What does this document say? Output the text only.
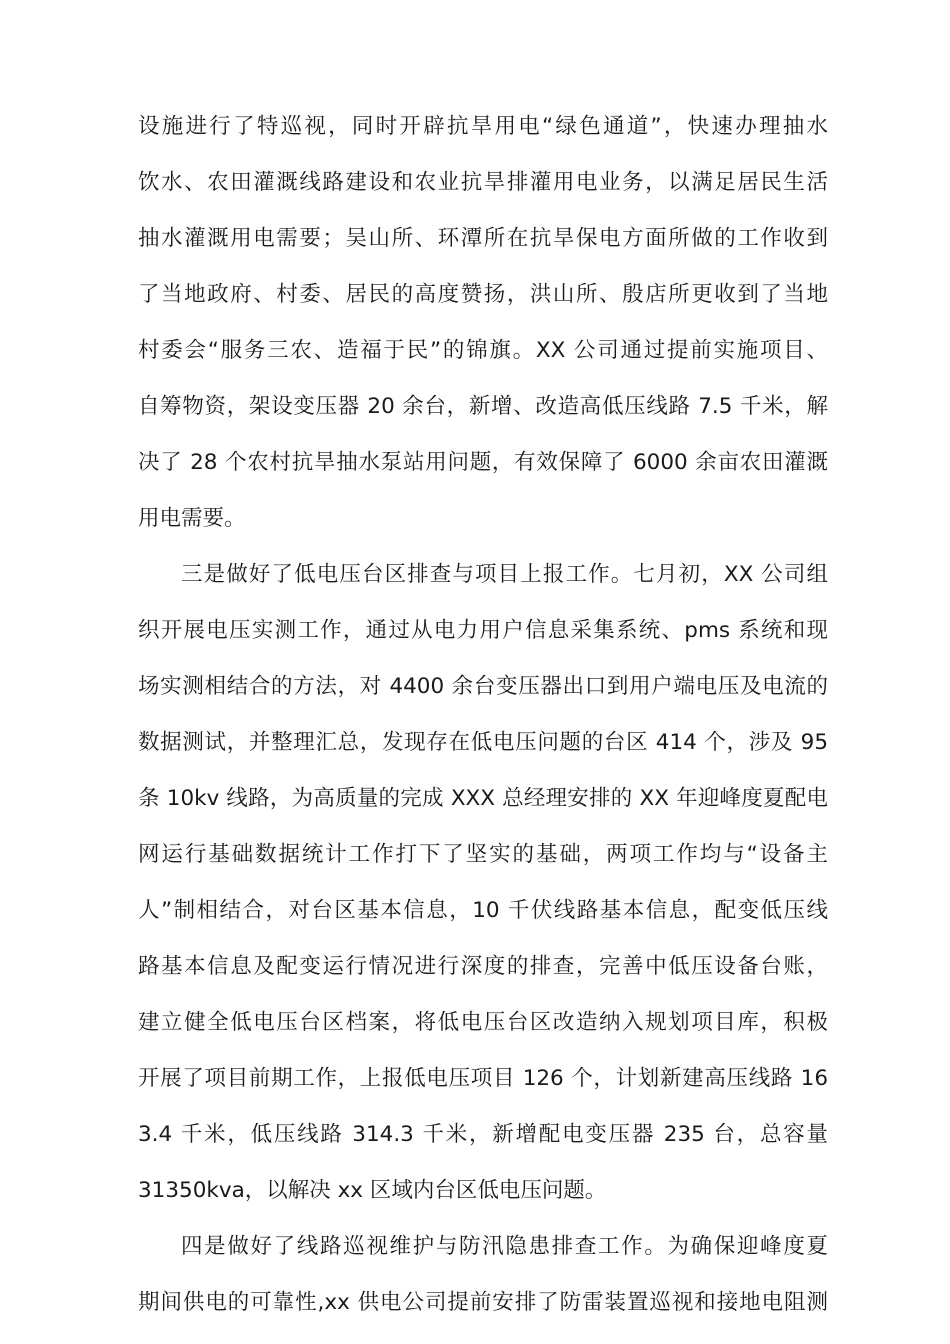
设施进行了特巡视，同时开辟抗旱用电“绿色通道”，快速办理抽水
饮水、农田灌溉线路建设和农业抗旱排灌用电业务，以满足居民生活
抽水灌溉用电需要；吴山所、环潭所在抗旱保电方面所做的工作收到
了当地政府、村委、居民的高度赞扬，洪山所、殷店所更收到了当地
村委会“服务三农、造福于民”的锦旗。XX 公司通过提前实施项目、
自筹物资，架设变压器 20 余台，新增、改造高低压线路 7.5 千米，解
决了 28 个农村抗旱抽水泵站用问题，有效保障了 6000 余亩农田灌溉
用电需要。
三是做好了低电压台区排查与项目上报工作。七月初，XX 公司组
织开展电压实测工作，通过从电力用户信息采集系统、pms 系统和现
场实测相结合的方法，对 4400 余台变压器出口到用户端电压及电流的
数据测试，并整理汇总，发现存在低电压问题的台区 414 个，涉及 95
条 10kv 线路，为高质量的完成 XXX 总经理安排的 XX 年迎峰度夏配电
网运行基础数据统计工作打下了坚实的基础，两项工作均与“设备主
人”制相结合，对台区基本信息，10 千伏线路基本信息，配变低压线
路基本信息及配变运行情况进行深度的排查，完善中低压设备台账，
建立健全低电压台区档案，将低电压台区改造纳入规划项目库，积极
开展了项目前期工作，上报低电压项目 126 个，计划新建高压线路 16
3.4 千米，低压线路 314.3 千米，新增配电变压器 235 台，总容量
31350kva，以解决 xx 区域内台区低电压问题。
四是做好了线路巡视维护与防汛隐患排查工作。为确保迎峰度夏
期间供电的可靠性,xx 供电公司提前安排了防雷装置巡视和接地电阻测
